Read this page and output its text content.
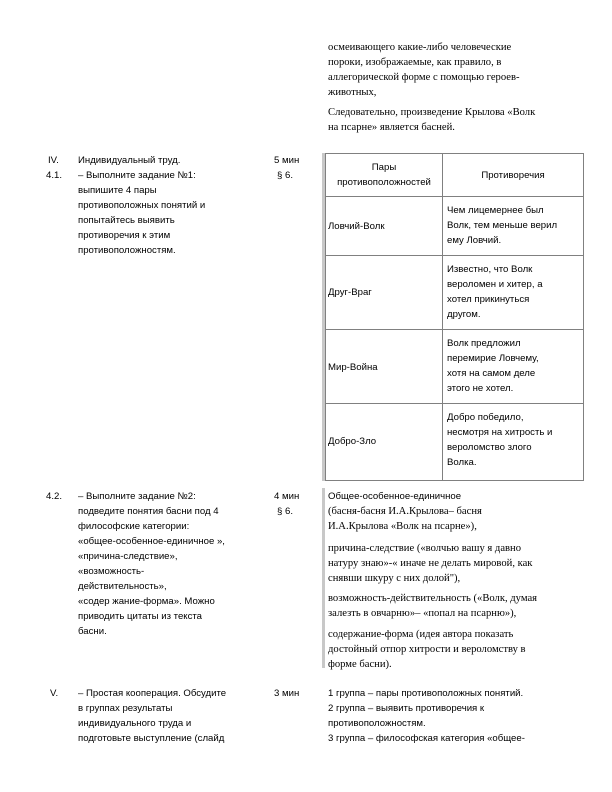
осмеивающего какие-либо человеческие
пороки, изображаемые, как правило, в
аллегорической форме с помощью героев-
животных,
Следовательно, произведение Крылова «Волк
на псарне» является басней.
IV. Индивидуальный труд.	5 мин
4.1. – Выполните задание №1:
выпишите 4 пары
противоположных понятий и
попытайтесь выявить
противоречия к этим
противоположностям.
§ 6.
Пары
противоположностей
Противоречия
Ловчий-Волк
Чем лицемернее был
Волк, тем меньше верил
ему Ловчий.
Друг-Враг
Известно, что Волк
вероломен и хитер, а
хотел прикинуться
другом.
Мир-Война
Волк предложил
перемирие Ловчему,
хотя на самом деле
этого не хотел.
Добро-Зло
Добро победило,
несмотря на хитрость и
вероломство злого
Волка.
4.2. – Выполните задание №2:
подведите понятия басни под 4
философские категории:
«общее-особенное-единичное »,
«причина-следствие»,
«возможность-
действительность»,
«содер жание-форма». Можно
приводить цитаты из текста
басни.
4 мин
§ 6.
Общее-особенное-единичное
(басня-басня И.А.Крылова– басня
И.А.Крылова «Волк на псарне»),
причина-следствие («волчью вашу я давно
натуру знаю»-« иначе не делать мировой, как
снявши шкуру с них долой"),
возможность-действительность («Волк, думая
залезть в овчарню»– «попал на псарню»),
содержание-форма (идея автора показать
достойный отпор хитрости и вероломству в
форме басни).
V. – Простая кооперация. Обсудите
в группах результаты
индивидуального труда и
подготовьте выступление (слайд
3 мин	1 группа – пары противоположных понятий.
2 группа – выявить противоречия к
противоположностям.
3 группа – философская категория «общее-
